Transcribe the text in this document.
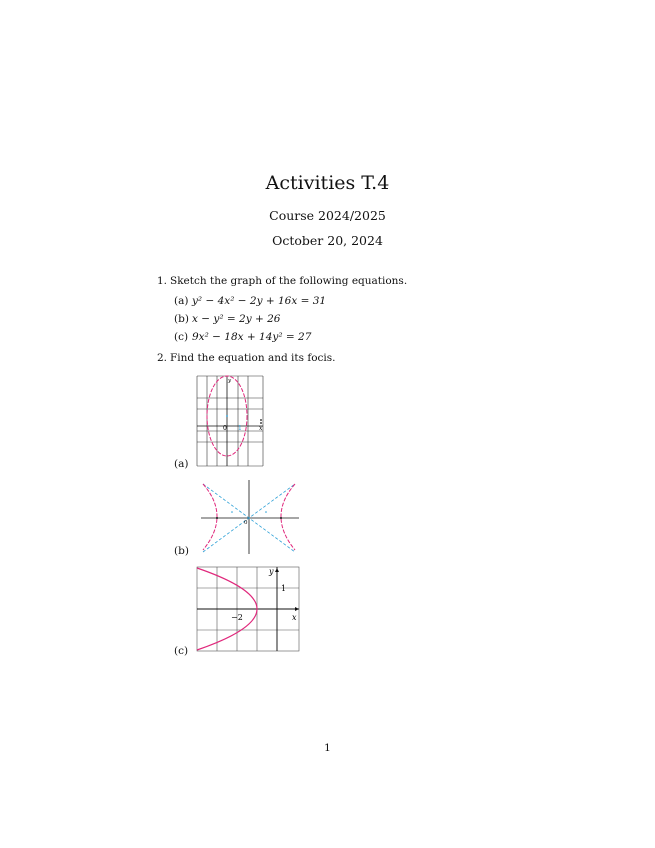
Activities T.4
Course 2024/2025
October 20, 2024
1. Sketch the graph of the following equations.
(a) y² − 4x² − 2y + 16x = 31
(b) x − y² = 2y + 26
(c) 9x² − 18x + 14y² = 27
2. Find the equation and its focis.
(a)
y
x
0 1
(b)
0
(c)
y
x
1
−2
1
